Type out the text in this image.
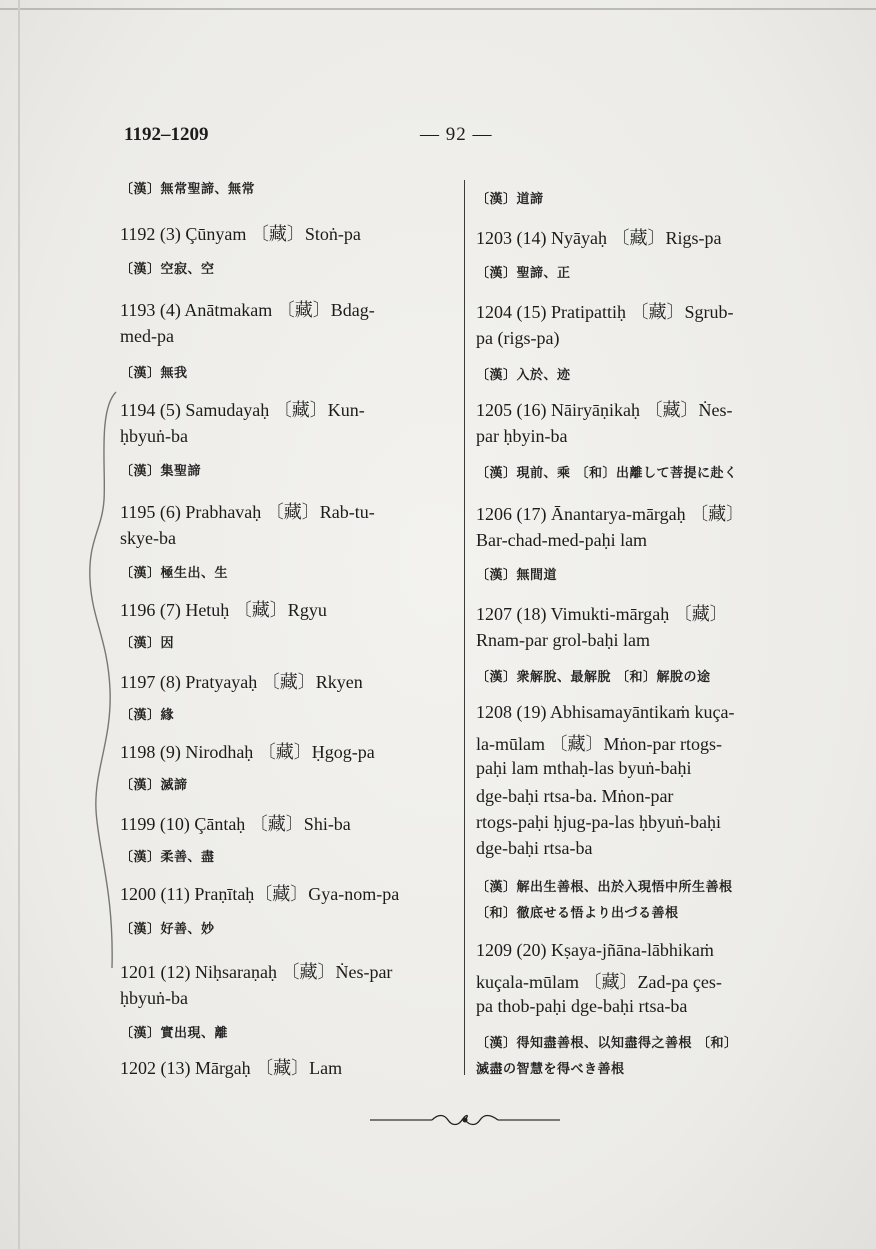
1192–1209	— 92 —
〔漢〕無常聖諦、無常
1192 (3) Çūnyam 〔藏〕Stoṅ-pa
〔漢〕空寂、空
1193 (4) Anātmakam 〔藏〕Bdag-
med-pa
〔漢〕無我
1194 (5) Samudayaḥ 〔藏〕Kun-
ḥbyuṅ-ba
〔漢〕集聖諦
1195 (6) Prabhavaḥ 〔藏〕Rab-tu-
skye-ba
〔漢〕極生出、生
1196 (7) Hetuḥ 〔藏〕Rgyu
〔漢〕因
1197 (8) Pratyayaḥ 〔藏〕Rkyen
〔漢〕緣
1198 (9) Nirodhaḥ 〔藏〕Ḥgog-pa
〔漢〕滅諦
1199 (10) Çāntaḥ 〔藏〕Shi-ba
〔漢〕柔善、盡
1200 (11) Praṇītaḥ〔藏〕Gya-nom-pa
〔漢〕好善、妙
1201 (12) Niḥsaraṇaḥ 〔藏〕Ṅes-par
ḥbyuṅ-ba
〔漢〕實出現、離
1202 (13) Mārgaḥ 〔藏〕Lam
〔漢〕道諦
1203 (14) Nyāyaḥ 〔藏〕Rigs-pa
〔漢〕聖諦、正
1204 (15) Pratipattiḥ 〔藏〕Sgrub-
pa (rigs-pa)
〔漢〕入於、迹
1205 (16) Nāiryāṇikaḥ 〔藏〕Ṅes-
par ḥbyin-ba
〔漢〕現前、乘 〔和〕出離して菩提に赴く
1206 (17) Ānantarya-mārgaḥ 〔藏〕
Bar-chad-med-paḥi lam
〔漢〕無間道
1207 (18) Vimukti-mārgaḥ 〔藏〕
Rnam-par grol-baḥi lam
〔漢〕衆解脫、最解脫 〔和〕解脫の途
1208 (19) Abhisamayāntikaṁ kuça-
la-mūlam 〔藏〕Mṅon-par rtogs-
paḥi lam mthaḥ-las byuṅ-baḥi
dge-baḥi rtsa-ba. Mṅon-par
rtogs-paḥi ḥjug-pa-las ḥbyuṅ-baḥi
dge-baḥi rtsa-ba
〔漢〕解出生善根、出於入現悟中所生善根
〔和〕徹底せる悟より出づる善根
1209 (20) Kṣaya-jñāna-lābhikaṁ
kuçala-mūlam 〔藏〕Zad-pa çes-
pa thob-paḥi dge-baḥi rtsa-ba
〔漢〕得知盡善根、以知盡得之善根 〔和〕
滅盡の智慧を得べき善根
